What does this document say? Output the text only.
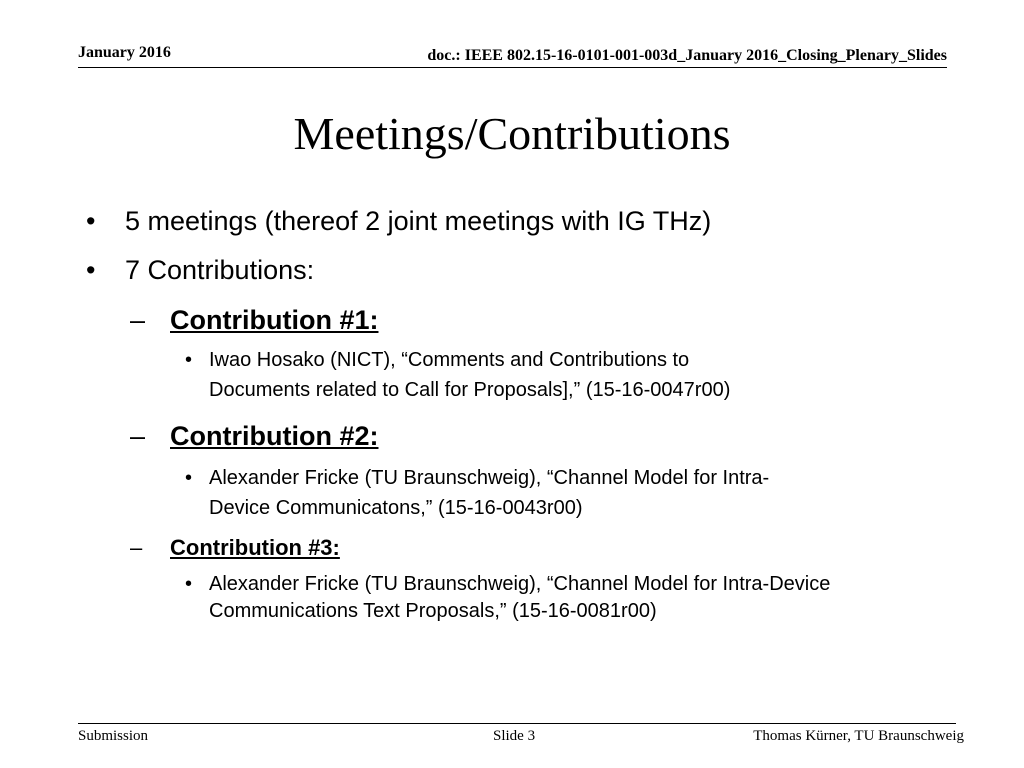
January 2016	doc.: IEEE 802.15-16-0101-001-003d_January 2016_Closing_Plenary_Slides
Meetings/Contributions
• 5 meetings (thereof 2 joint meetings with IG THz)
• 7 Contributions:
– Contribution #1:
• Iwao Hosako (NICT), “Comments and Contributions to
Documents related to Call for Proposals],” (15-16-0047r00)
– Contribution #2:
• Alexander Fricke (TU Braunschweig), “Channel Model for Intra-
Device Communicatons,” (15-16-0043r00)
– Contribution #3:
• Alexander Fricke (TU Braunschweig), “Channel Model for Intra-Device
Communications Text Proposals,” (15-16-0081r00)
Submission	Slide 3	Thomas Kürner, TU Braunschweig
